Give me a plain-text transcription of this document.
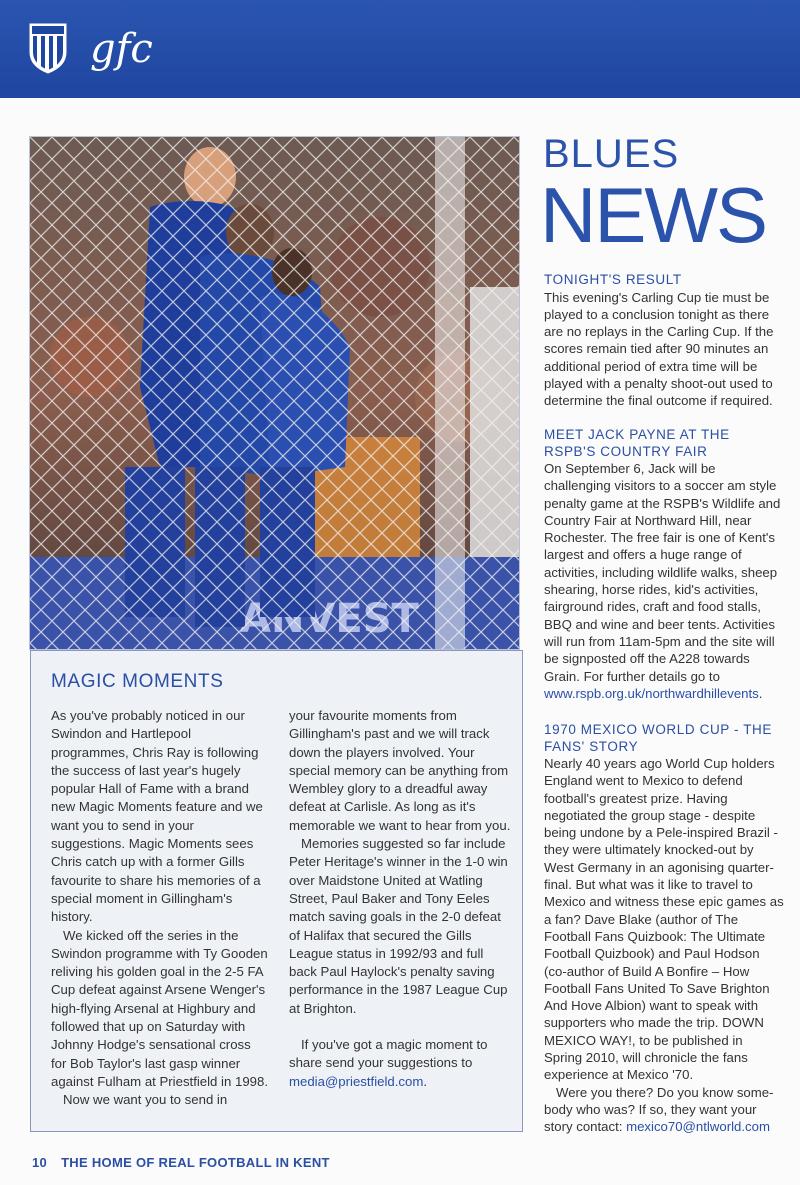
gfc
MAGIC MOMENTS

As you've probably noticed in our Swindon and Hartlepool programmes, Chris Ray is following the success of last year's hugely popular Hall of Fame with a brand new Magic Moments feature and we want you to send in your suggestions. Magic Moments sees Chris catch up with a former Gills favourite to share his memories of a special moment in Gillingham's history.

We kicked off the series in the Swindon programme with Ty Gooden reliving his golden goal in the 2-5 FA Cup defeat against Arsene Wenger's high-flying Arsenal at Highbury and followed that up on Saturday with Johnny Hodge's sensational cross for Bob Taylor's last gasp winner against Fulham at Priestfield in 1998.

Now we want you to send in

your favourite moments from Gillingham's past and we will track down the players involved. Your special memory can be anything from Wembley glory to a dreadful away defeat at Carlisle. As long as it's memorable we want to hear from you.

Memories suggested so far include Peter Heritage's winner in the 1-0 win over Maidstone United at Watling Street, Paul Baker and Tony Eeles match saving goals in the 2-0 defeat of Halifax that secured the Gills League status in 1992/93 and full back Paul Haylock's penalty saving performance in the 1987 League Cup at Brighton.

If you've got a magic moment to share send your suggestions to media@priestfield.com.

BLUES
NEWS
TONIGHT'S RESULT
This evening's Carling Cup tie must be played to a conclusion tonight as there are no replays in the Carling Cup. If the scores remain tied after 90 minutes an additional period of extra time will be played with a penalty shoot-out used to determine the final outcome if required.
MEET JACK PAYNE AT THE RSPB'S COUNTRY FAIR
On September 6, Jack will be challenging visitors to a soccer am style penalty game at the RSPB's Wildlife and Country Fair at Northward Hill, near Rochester. The free fair is one of Kent's largest and offers a huge range of activities, including wildlife walks, sheep shearing, horse rides, kid's activities, fairground rides, craft and food stalls, BBQ and wine and beer tents. Activities will run from 11am-5pm and the site will be signposted off the A228 towards Grain. For further details go to www.rspb.org.uk/northwardhillevents.
1970 MEXICO WORLD CUP - THE FANS' STORY
Nearly 40 years ago World Cup holders England went to Mexico to defend football's greatest prize. Having negotiated the group stage - despite being undone by a Pele-inspired Brazil - they were ultimately knocked-out by West Germany in an agonising quarter-final. But what was it like to travel to Mexico and witness these epic games as a fan? Dave Blake (author of The Football Fans Quizbook: The Ultimate Football Quizbook) and Paul Hodson (co-author of Build A Bonfire – How Football Fans United To Save Brighton And Hove Albion) want to speak with supporters who made the trip. DOWN MEXICO WAY!, to be published in Spring 2010, will chronicle the fans experience at Mexico '70.
Were you there? Do you know some-body who was? If so, they want your story contact: mexico70@ntlworld.com
10 THE HOME OF REAL FOOTBALL IN KENT
